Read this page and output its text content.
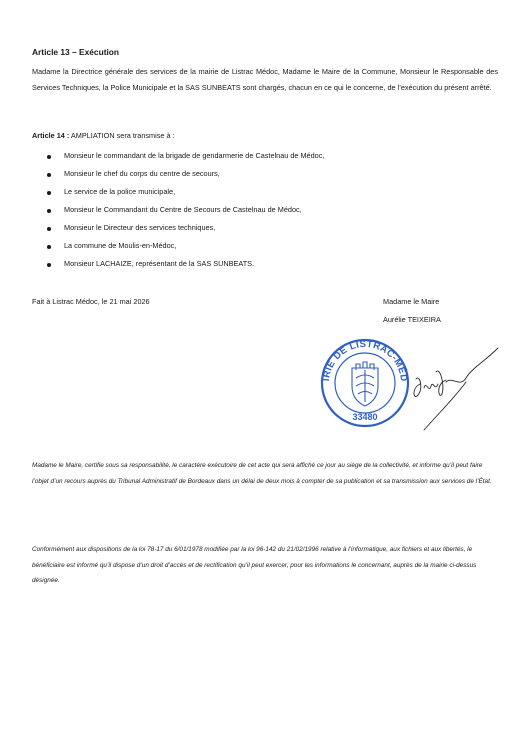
Article 13 – Exécution

Madame la Directrice générale des services de la mairie de Listrac Médoc, Madame le Maire de la Commune, Monsieur le Responsable des Services Techniques, la Police Municipale et la SAS SUNBEATS sont chargés, chacun en ce qui le concerne, de l’exécution du présent arrêté.

Article 14 : AMPLIATION sera transmise à :

Monsieur le commandant de la brigade de gendarmerie de Castelnau de Médoc,
Monsieur le chef du corps du centre de secours,
Le service de la police municipale,
Monsieur le Commandant du Centre de Secours de Castelnau de Médoc,
Monsieur le Directeur des services techniques,
La commune de Moulis-en-Médoc,
Monsieur LACHAIZE, représentant de la SAS SUNBEATS.

Fait à Listrac Médoc, le 21 mai 2026	Madame le Maire

Aurélie TEIXEIRA

IRIE DE LISTRAC-MÉD
33480

Madame le Maire, certifie sous sa responsabilité, le caractère exécutoire de cet acte qui sera affiché ce jour au siège de la collectivité, et informe qu’il peut faire l’objet d’un recours auprès du Tribunal Administratif de Bordeaux dans un délai de deux mois à compter de sa publication et sa transmission aux services de l’État.

Conformément aux dispositions de la loi 78-17 du 6/01/1978 modifiée par la loi 96-142 du 21/02/1996 relative à l’informatique, aux fichiers et aux libertés, le bénéficiaire est informé qu’il dispose d’un droit d’accès et de rectification qu’il peut exercer, pour les informations le concernant, auprès de la mairie ci-dessus désignée.
